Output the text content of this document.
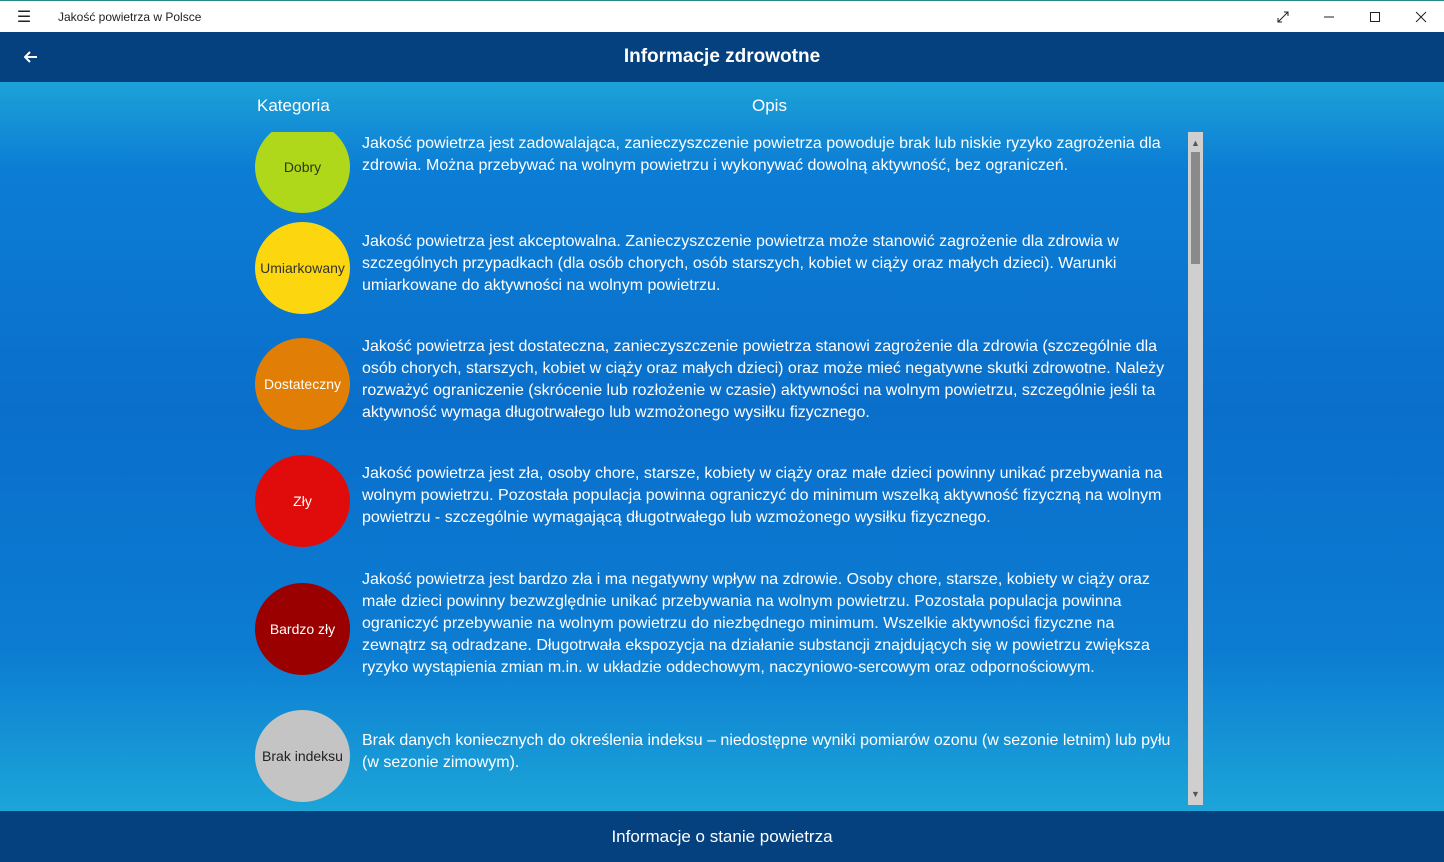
☰	Jakość powietrza w Polsce
Informacje zdrowotne
Kategoria	Opis
Dobry
Jakość powietrza jest zadowalająca, zanieczyszczenie powietrza powoduje brak lub niskie ryzyko zagrożenia dla zdrowia. Można przebywać na wolnym powietrzu i wykonywać dowolną aktywność, bez ograniczeń.
Umiarkowany
Jakość powietrza jest akceptowalna. Zanieczyszczenie powietrza może stanowić zagrożenie dla zdrowia w szczególnych przypadkach (dla osób chorych, osób starszych, kobiet w ciąży oraz małych dzieci). Warunki umiarkowane do aktywności na wolnym powietrzu.
Dostateczny
Jakość powietrza jest dostateczna, zanieczyszczenie powietrza stanowi zagrożenie dla zdrowia (szczególnie dla osób chorych, starszych, kobiet w ciąży oraz małych dzieci) oraz może mieć negatywne skutki zdrowotne. Należy rozważyć ograniczenie (skrócenie lub rozłożenie w czasie) aktywności na wolnym powietrzu, szczególnie jeśli ta aktywność wymaga długotrwałego lub wzmożonego wysiłku fizycznego.
Zły
Jakość powietrza jest zła, osoby chore, starsze, kobiety w ciąży oraz małe dzieci powinny unikać przebywania na wolnym powietrzu. Pozostała populacja powinna ograniczyć do minimum wszelką aktywność fizyczną na wolnym powietrzu - szczególnie wymagającą długotrwałego lub wzmożonego wysiłku fizycznego.
Bardzo zły
Jakość powietrza jest bardzo zła i ma negatywny wpływ na zdrowie. Osoby chore, starsze, kobiety w ciąży oraz małe dzieci powinny bezwzględnie unikać przebywania na wolnym powietrzu. Pozostała populacja powinna ograniczyć przebywanie na wolnym powietrzu do niezbędnego minimum. Wszelkie aktywności fizyczne na zewnątrz są odradzane. Długotrwała ekspozycja na działanie substancji znajdujących się w powietrzu zwiększa ryzyko wystąpienia zmian m.in. w układzie oddechowym, naczyniowo-sercowym oraz odpornościowym.
Brak indeksu
Brak danych koniecznych do określenia indeksu – niedostępne wyniki pomiarów ozonu (w sezonie letnim) lub pyłu (w sezonie zimowym).
▲
▼
Informacje o stanie powietrza
